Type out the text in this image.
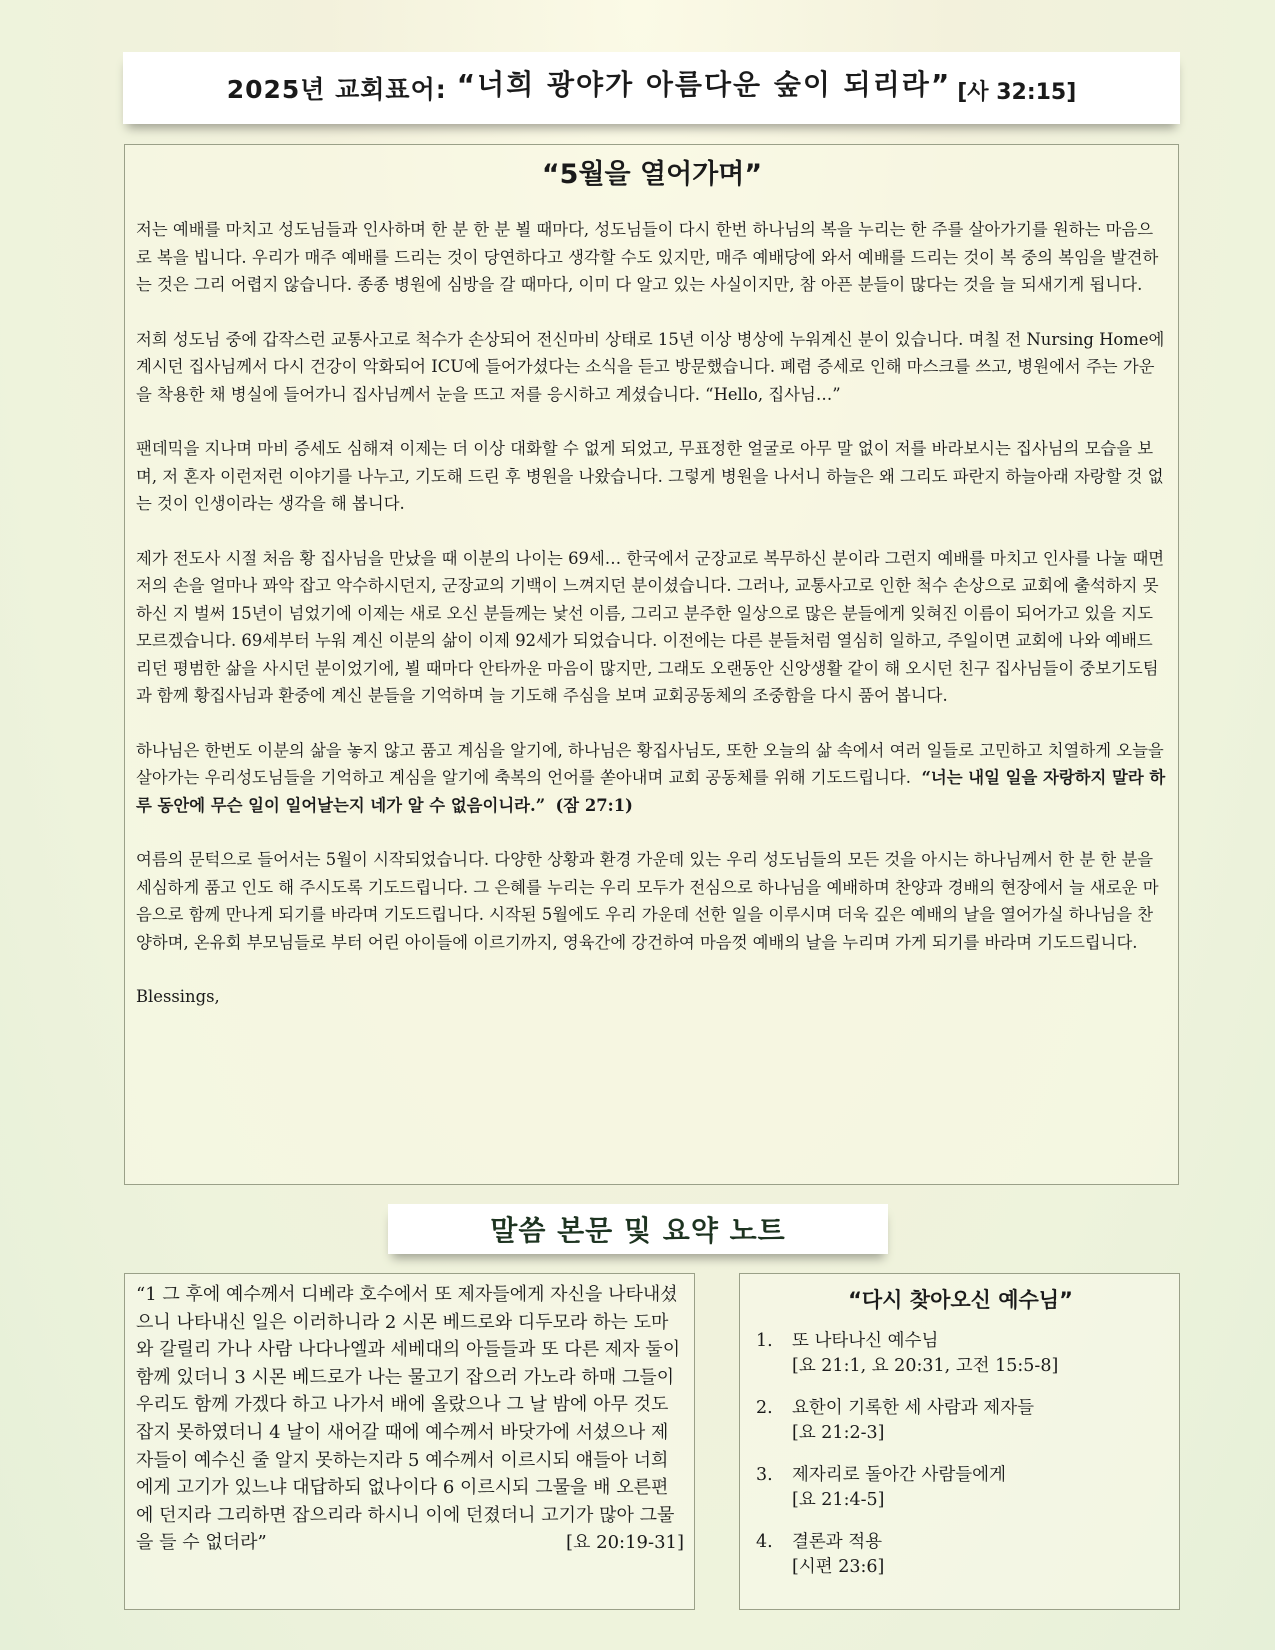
2025년 교회표어: “너희 광야가 아름다운 숲이 되리라” [사 32:15]
“5월을 열어가며”

저는 예배를 마치고 성도님들과 인사하며 한 분 한 분 뵐 때마다, 성도님들이 다시 한번 하나님의 복을 누리는 한 주를 살아가기를 원하는 마음으로 복을 빕니다. 우리가 매주 예배를 드리는 것이 당연하다고 생각할 수도 있지만, 매주 예배당에 와서 예배를 드리는 것이 복 중의 복임을 발견하는 것은 그리 어렵지 않습니다. 종종 병원에 심방을 갈 때마다, 이미 다 알고 있는 사실이지만, 참 아픈 분들이 많다는 것을 늘 되새기게 됩니다.

저희 성도님 중에 갑작스런 교통사고로 척수가 손상되어 전신마비 상태로 15년 이상 병상에 누워계신 분이 있습니다. 며칠 전 Nursing Home에 계시던 집사님께서 다시 건강이 악화되어 ICU에 들어가셨다는 소식을 듣고 방문했습니다. 폐렴 증세로 인해 마스크를 쓰고, 병원에서 주는 가운을 착용한 채 병실에 들어가니 집사님께서 눈을 뜨고 저를 응시하고 계셨습니다. “Hello, 집사님…”

팬데믹을 지나며 마비 증세도 심해져 이제는 더 이상 대화할 수 없게 되었고, 무표정한 얼굴로 아무 말 없이 저를 바라보시는 집사님의 모습을 보며, 저 혼자 이런저런 이야기를 나누고, 기도해 드린 후 병원을 나왔습니다. 그렇게 병원을 나서니 하늘은 왜 그리도 파란지 하늘아래 자랑할 것 없는 것이 인생이라는 생각을 해 봅니다.

제가 전도사 시절 처음 황 집사님을 만났을 때 이분의 나이는 69세… 한국에서 군장교로 복무하신 분이라 그런지 예배를 마치고 인사를 나눌 때면 저의 손을 얼마나 꽈악 잡고 악수하시던지, 군장교의 기백이 느껴지던 분이셨습니다. 그러나, 교통사고로 인한 척수 손상으로 교회에 출석하지 못하신 지 벌써 15년이 넘었기에 이제는 새로 오신 분들께는 낯선 이름, 그리고 분주한 일상으로 많은 분들에게 잊혀진 이름이 되어가고 있을 지도 모르겠습니다. 69세부터 누워 계신 이분의 삶이 이제 92세가 되었습니다. 이전에는 다른 분들처럼 열심히 일하고, 주일이면 교회에 나와 예배드리던 평범한 삶을 사시던 분이었기에, 뵐 때마다 안타까운 마음이 많지만, 그래도 오랜동안 신앙생활 같이 해 오시던 친구 집사님들이 중보기도팀과 함께 황집사님과 환중에 계신 분들을 기억하며 늘 기도해 주심을 보며 교회공동체의 조중함을 다시 품어 봅니다.

하나님은 한번도 이분의 삶을 놓지 않고 품고 계심을 알기에, 하나님은 황집사님도, 또한 오늘의 삶 속에서 여러 일들로 고민하고 치열하게 오늘을 살아가는 우리성도님들을 기억하고 계심을 알기에 축복의 언어를 쏟아내며 교회 공동체를 위해 기도드립니다. “너는 내일 일을 자랑하지 말라 하루 동안에 무슨 일이 일어날는지 네가 알 수 없음이니라.” (잠 27:1)

여름의 문턱으로 들어서는 5월이 시작되었습니다. 다양한 상황과 환경 가운데 있는 우리 성도님들의 모든 것을 아시는 하나님께서 한 분 한 분을 세심하게 품고 인도 해 주시도록 기도드립니다. 그 은혜를 누리는 우리 모두가 전심으로 하나님을 예배하며 찬양과 경배의 현장에서 늘 새로운 마음으로 함께 만나게 되기를 바라며 기도드립니다. 시작된 5월에도 우리 가운데 선한 일을 이루시며 더욱 깊은 예배의 날을 열어가실 하나님을 찬양하며, 온유회 부모님들로 부터 어린 아이들에 이르기까지, 영육간에 강건하여 마음껏 예배의 날을 누리며 가게 되기를 바라며 기도드립니다.

Blessings,
말씀 본문 및 요약 노트

“1 그 후에 예수께서 디베랴 호수에서 또 제자들에게 자신을 나타내셨으니 나타내신 일은 이러하니라 2 시몬 베드로와 디두모라 하는 도마와 갈릴리 가나 사람 나다나엘과 세베대의 아들들과 또 다른 제자 둘이 함께 있더니 3 시몬 베드로가 나는 물고기 잡으러 가노라 하매 그들이 우리도 함께 가겠다 하고 나가서 배에 올랐으나 그 날 밤에 아무 것도 잡지 못하였더니 4 날이 새어갈 때에 예수께서 바닷가에 서셨으나 제자들이 예수신 줄 알지 못하는지라 5 예수께서 이르시되 얘들아 너희에게 고기가 있느냐 대답하되 없나이다 6 이르시되 그물을 배 오른편에 던지라 그리하면 잡으리라 하시니 이에 던졌더니 고기가 많아 그물을 들 수 없더라”	[요 20:19-31]

“다시 찾아오신 예수님”
1.	또 나타나신 예수님
[요 21:1, 요 20:31, 고전 15:5-8]
2.	요한이 기록한 세 사람과 제자들
[요 21:2-3]
3.	제자리로 돌아간 사람들에게
[요 21:4-5]
4.	결론과 적용
[시편 23:6]
